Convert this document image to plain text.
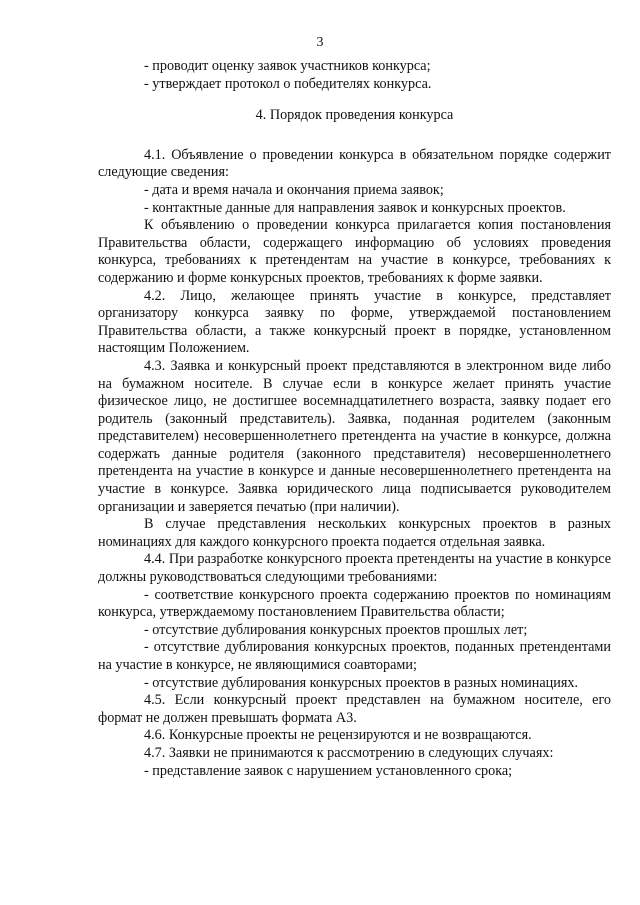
3

- проводит оценку заявок участников конкурса;

- утверждает протокол о победителях конкурса.

4. Порядок проведения конкурса

4.1. Объявление о проведении конкурса в обязательном порядке содержит следующие сведения:

- дата и время начала и окончания приема заявок;

- контактные данные для направления заявок и конкурсных проектов.

К объявлению о проведении конкурса прилагается копия постановления Правительства области, содержащего информацию об условиях проведения конкурса, требованиях к претендентам на участие в конкурсе, требованиях к содержанию и форме конкурсных проектов, требованиях к форме заявки.

4.2. Лицо, желающее принять участие в конкурсе, представляет организатору конкурса заявку по форме, утверждаемой постановлением Правительства области, а также конкурсный проект в порядке, установленном настоящим Положением.

4.3. Заявка и конкурсный проект представляются в электронном виде либо на бумажном носителе. В случае если в конкурсе желает принять участие физическое лицо, не достигшее восемнадцатилетнего возраста, заявку подает его родитель (законный представитель). Заявка, поданная родителем (законным представителем) несовершеннолетнего претендента на участие в конкурсе, должна содержать данные родителя (законного представителя) несовершеннолетнего претендента на участие в конкурсе и данные несовершеннолетнего претендента на участие в конкурсе. Заявка юридического лица подписывается руководителем организации и заверяется печатью (при наличии).

В случае представления нескольких конкурсных проектов в разных номинациях для каждого конкурсного проекта подается отдельная заявка.

4.4. При разработке конкурсного проекта претенденты на участие в конкурсе должны руководствоваться следующими требованиями:

- соответствие конкурсного проекта содержанию проектов по номинациям конкурса, утверждаемому постановлением Правительства области;

- отсутствие дублирования конкурсных проектов прошлых лет;

- отсутствие дублирования конкурсных проектов, поданных претендентами на участие в конкурсе, не являющимися соавторами;

- отсутствие дублирования конкурсных проектов в разных номинациях.

4.5. Если конкурсный проект представлен на бумажном носителе, его формат не должен превышать формата А3.

4.6. Конкурсные проекты не рецензируются и не возвращаются.

4.7. Заявки не принимаются к рассмотрению в следующих случаях:

- представление заявок с нарушением установленного срока;
